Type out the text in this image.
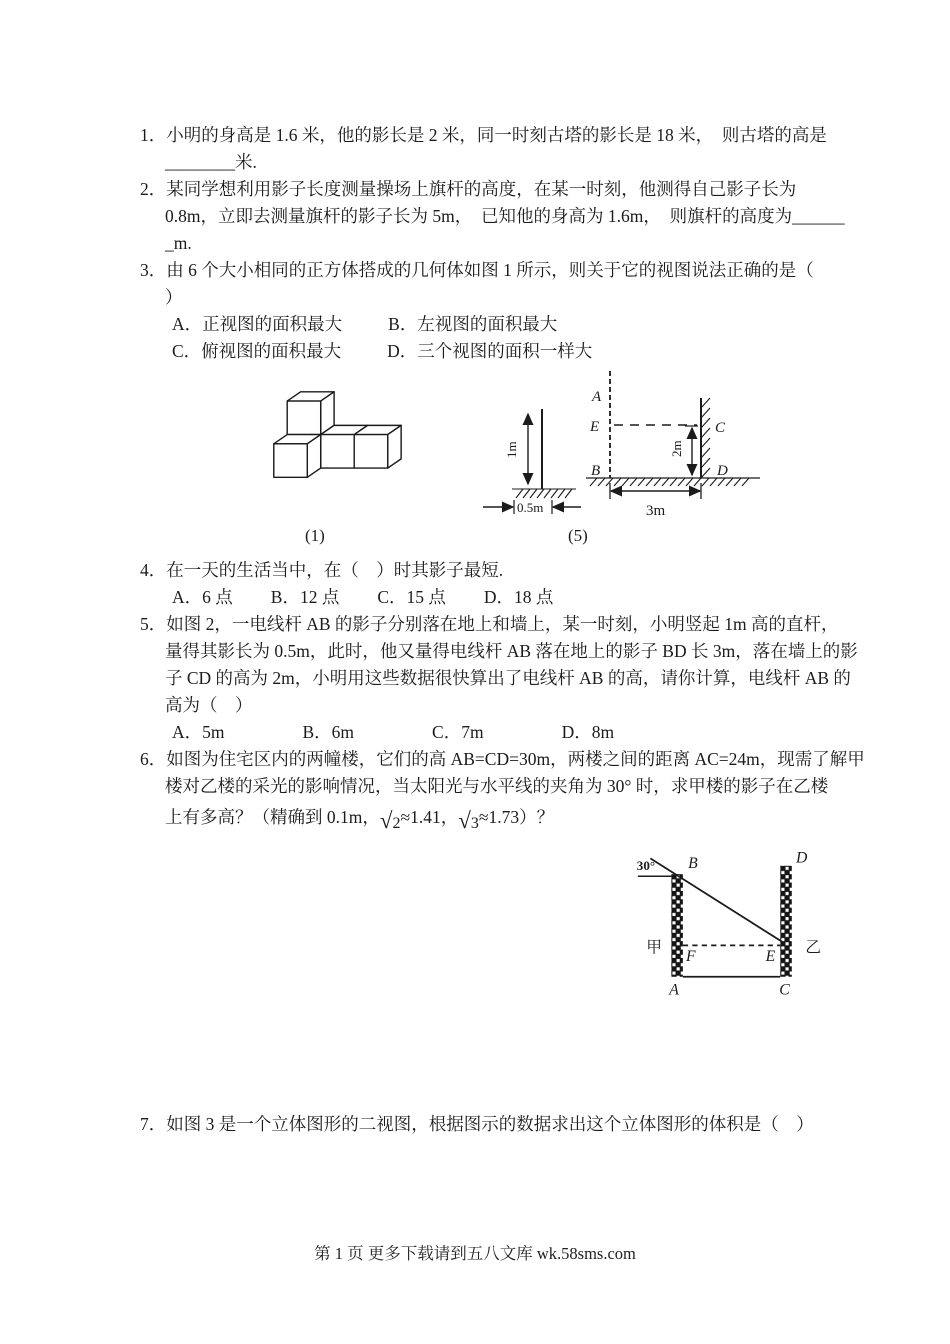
1．小明的身高是 1.6 米，他的影长是 2 米，同一时刻古塔的影长是 18 米，　则古塔的高是
________米.
2．某同学想利用影子长度测量操场上旗杆的高度，在某一时刻，他测得自己影子长为
0.8m，立即去测量旗杆的影子长为 5m，　已知他的身高为 1.6m，　则旗杆的高度为______
_m.
3．由 6 个大小相同的正方体搭成的几何体如图 1 所示，则关于它的视图说法正确的是（
）
A．正视图的面积最大	B．左视图的面积最大
C．俯视图的面积最大	D．三个视图的面积一样大
1m
0.5m
A
E
B
C
D
2m
3m
(1)	(5)
4．在一天的生活当中，在（　）时其影子最短.
A．6 点 B．12 点 C．15 点 D．18 点
5．如图 2，一电线杆 AB 的影子分别落在地上和墙上，某一时刻，小明竖起 1m 高的直杆，
量得其影长为 0.5m，此时，他又量得电线杆 AB 落在地上的影子 BD 长 3m，落在墙上的影
子 CD 的高为 2m，小明用这些数据很快算出了电线杆 AB 的高，请你计算，电线杆 AB 的
高为（　）
A．5m	B．6m	C．7m	D．8m
6．如图为住宅区内的两幢楼，它们的高 AB=CD=30m，两楼之间的距离 AC=24m，现需了解甲
楼对乙楼的采光的影响情况，当太阳光与水平线的夹角为 30° 时，求甲楼的影子在乙楼
上有多高？（精确到 0.1m，√2≈1.41，√3≈1.73）？
30° B	D
甲 F	E 乙
A	C
7．如图 3 是一个立体图形的二视图，根据图示的数据求出这个立体图形的体积是（　）
第 1 页 更多下载请到五八文库 wk.58sms.com
